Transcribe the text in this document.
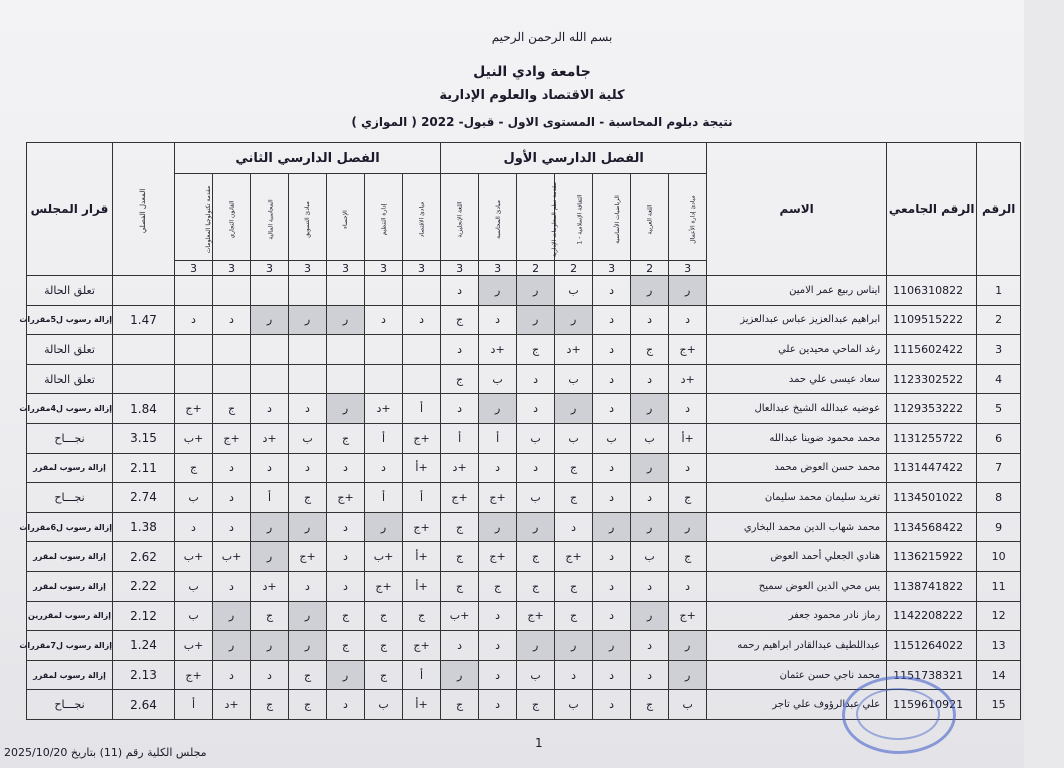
بسم الله الرحمن الرحيم
جامعة وادي النيل
كلية الاقتصاد والعلوم الإدارية
نتيجة دبلوم المحاسبة - المستوى الاول - قبول- 2022 ( الموازي )
قرار المجلس	المعدل الفصلي	الفصل الدارسي الثاني							الفصل الدارسي الأول							الاسم	الرقم الجامعي	الرقم
		مقدمة تكنولوجيا المعلومات	القانون التجاري	المحاسبة المالية	مبادئ التسويق	الإحصاء	إدارة التنظيم	مبادئ الاقتصاد	اللغة الإنجليزية	مبادئ المحاسبة	مقدمة نظم المعلومات الإدارية	الثقافة الإسلامية - 1	الرياضيات الأساسية	اللغة العربية	مبادئ إدارة الأعمال			
		3	3	3	3	3	3	3	3	3	2	2	3	2	3			
تعلق الحالة									د	ر	ر	ب	د	ر	ر	ايناس ربيع عمر الامين	1106310822	1
إزالة رسوب ل5مقررات	1.47	د	د	ر	ر	ر	د	د	ج	د	ر	ر	د	د	د	ابراهيم عبدالعزيز عباس عبدالعزيز	1109515222	2
تعلق الحالة									د	د+	ج	د+	د	ج	ج+	رغد الماحي محيدين علي	1115602422	3
تعلق الحالة									ج	ب	د	ب	د	د	د+	سعاد عيسى علي حمد	1123302522	4
إزالة رسوب ل4مقررات	1.84	ج+	ج	د	د	ر	د+	أ	د	ر	د	ر	د	ر	د	عوضيه عبدالله الشيخ عبدالعال	1129353222	5
نجـــاح	3.15	ب+	ج+	د+	ب	ج	أ	ج+	أ	أ	ب	ب	ب	ب	أ+	محمد محمود ضوينا عبدالله	1131255722	6
إزالة رسوب لمقرر	2.11	ج	د	د	د	د	د	أ+	د+	د	د	ج	د	ر	د	محمد حسن العوض محمد	1131447422	7
نجـــاح	2.74	ب	د	أ	ج	ج+	أ	أ	ج+	ج+	ب	ج	د	د	ج	تغريد سليمان محمد سليمان	1134501022	8
إزالة رسوب ل6مقررات	1.38	د	د	ر	ر	د	ر	ج+	ج	ر	ر	د	ر	ر	ر	محمد شهاب الدين محمد البخاري	1134568422	9
إزالة رسوب لمقرر	2.62	ب+	ب+	ر	ج+	د	ب+	أ+	ج	ج+	ج	ج+	د	ب	ج	هنادي الجعلي أحمد العوض	1136215922	10
إزالة رسوب لمقرر	2.22	ب	د	د+	د	د	ج+	أ+	ج	ج	ج	ج	د	د	د	يس محي الدين العوض سميح	1138741822	11
إزالة رسوب لمقررين	2.12	ب	ر	ج	ر	ج	ج	ج	ب+	د	ج+	ج	د	ر	ج+	رماز نادر محمود جعفر	1142208222	12
إزالة رسوب ل7مقررات	1.24	ب+	ر	ر	ر	ج	ج	ج+	د	د	ر	ر	ر	د	ر	عبداللطيف عبدالقادر ابراهيم رحمه	1151264022	13
إزالة رسوب لمقرر	2.13	ج+	د	د	ج	ر	ج	أ	ر	د	ب	د	د	د	ر	محمد ناجي حسن عثمان	1151738321	14
نجـــاح	2.64	أ	د+	ج	ج	د	ب	أ+	ج	د	ج	ب	د	ج	ب	علي عبدالرؤوف علي تاجر	1159610921	15
1
مجلس الكلية رقم (11) بتاريخ 2025/10/20
